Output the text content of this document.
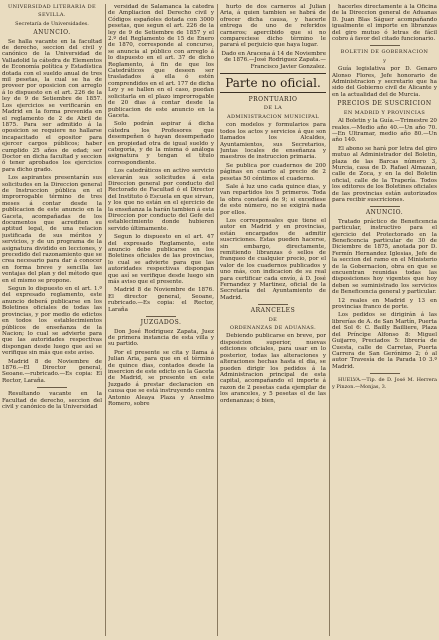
UNIVERSIDAD LITERARIA DE

SEVILLA.

Secretaría de Universidades.

ANUNCIO.

Se halla vacante en la facultad de derecho, seccion del civil y canónico de la Universidad de Valladolid la cátedra de Elementos de Economía política y Estadística dotada con el sueldo anual de tres mil pesetas, la cual se ha de proveer por oposicion con arreglo á lo dispuesto en el art. 226 de la ley de 9 de Setiembre de 1857. Los ejercicios se verificarán en Madrid en la forma prevenida en el reglamento de 2 de Abril de 1875. Para ser admitido á la oposicion se requiere no hallarse incapacitado el opositor para ejercer cargos públicos; haber cumplido 25 años de edad; ser Doctor en dicha facultad y seccion ó tener aprobados los ejercicios para dicho grado.

Los aspirantes presentarán sus solicitudes en la Direccion general de Instruccion pública en el improrrogable término de tres meses á contar desde la publicacion de este anuncio en la Gaceta, acompañadas de los documentos que acrediten su aptitud legal, de una relacion justificada de sus méritos y servicios, y de un programa de la asignatura dividido en lecciones, y precedido del razonamiento que se crea necesario para dar á conocer en forma breve y sencilla las ventajas del plan y del método que en el mismo se propone.

Segun lo dispuesto en el art. 1.º del expresado reglamento, este anuncio deberá publicarse en los Boletines oficiales de todas las provincias, y por medio de edictos en todos los establecimientos públicos de enseñanza de la Nacion; lo cual se advierte para que las autoridades respectivas dispongan desde luego que así se verifique sin más que este aviso.

Madrid 8 de Noviembre de 1876.—El Director general, Seoane.—rubricado.—Es copia: El Rector, Laraña.

Resultando vacante en la Facultad de derecho, seccion del civil y canónico de la Universidad

versidad de Salamanca la cátedra de Ampliacion del Derecho civil y Códigos españoles dotada con 3000 pesetas, que segun el art. 226 de la ley de 9 de Setiembre de 1857 y el 2.º del Reglamento de 15 de Enero de 1870, corresponde al concurso, se anuncia al público con arreglo á lo dispuesto en el art. 37 de dicho Reglamento, á fin de que los Catedráticos que deseen ser trasladados á ella ó estén comprendidos en el art. 177 de dicha Ley y se hallen en el caso, puedan solicitarla en el plazo improrrogable de 20 dias á contar desde la publicacion de este anuncio en la Gaceta.

Solo podrán aspirar á dicha cátedra los Profesores que desempeñen ó hayan desempeñado en propiedad otra de igual sueldo y categoría, y de la misma ó análoga asignatura y tengan el título correspondiente.

Los catedráticos en activo servicio elevarán sus solicitudes á esta Direccion general por conducto del Rectorado de Facultad ó el Director del Instituto ó Escuela en que sirvan, y los que no están en el ejercicio de la enseñanza la harán tambien á esta Direccion por conducto del Gefe del establecimiento donde hubieren servido últimamente.

Segun lo dispuesto en el art. 47 del expresado Reglamento, este anuncio debe publicarse en los Boletines oficiales de las provincias, lo cual se advierte para que las autoridades respectivas dispongan que así se verifique desde luego sin más aviso que el presente.

Madrid 8 de Noviembre de 1876. El director general, Seoane, rubricado.—Es copia: el Rector, Laraña

JUZGADOS.

Don José Rodriguez Zapata, Juez de primera instancia de esta villa y su partido.

Por el presente se cita y llama á Julian Aria, para que en el término de quince dias, contados desde la insercion de este edicto en la Gaceta de Madrid, se presente en este Juzgado á prestar declaracion en causa que se está instruyendo contra Antonio Aleaya Plaza y Anselmo Romero, sobre

hurto de dos carneros al Julian Aria, á quien tambien se habrá de ofrecer dicha causa, y hacerle entrega de uno de referidos carneros; apercibido que si no compareciese dicho término le parará el perjuicio que haya lugar.

Dado en Aracena á 14 de Noviembre de 1876.—José Rodriguez Zapata.—Francisco Javier Gonzalez.

Parte no oficial.

PRONTUARIO

DE LA

ADMINISTRACION MUNICIPAL

con modelos y formularios para todos los actos y servicios á que son llamados los Alcaldes, Ayuntamientos, sus Secretarios, Juntas locales de enseñanza y maestros de instruccion primaria.

Se publica por cuadernos de 200 páginas en cuarto al precio de 2 pesetas 50 céntimos el cuaderno.

Sale á luz uno cada quince dias, y van repartidos los 5 primeros. Toda la obra constará de 9; si excediese de este número, no se exigirá nada por ellos.

Los corresponsales que tiene el autor en Madrid y en provincias, están encargados de admitir suscriciones. Estas pueden hacerse, sin embargo, directamente, remitiendo libranzas ó sellos de franqueo de cualquier precio, por el valor de los cuadernos publicados y uno más, con indicacion de su real para certificar cada envío, á D. José Fernandez y Martinez, oficial de la Secretaría del Ayuntamiento de Madrid.

ARANCELES

DE

ORDENANZAS DE ADUANAS.

Debiendo publicarse en breve, por disposicion superior, nuevas ediciones oficiales, para usar en lo posterior, todas las alteraciones y alteraciones hechas hasta el dia, se pueden dirigir los pedidos á la Administracion principal de esta capital, acompañando el importe á razon de 2 pesetas cada ejemplar de los aranceles, y 5 pesetas el de las ordenanzas; ó bien,

hacerles directamente á la Oficina de la Direccion general de Aduanas D. Juan Blas Ságuer acompañando igualmente el importe en libranzas del giro mutuo ó letras de fácil cobro á favor del citado funcionario.

BOLETIN DE GOBERNACION

y

Guía legislativa por D. Genaro Alonso Flores, Jefe honorario de Administracion y secretario que ha sido del Gobierno civil de Alicante y en la actualidad del de Murcia.

PRECIOS DE SUSCRICION

EN MADRID Y PROVINCIAS

Al Boletin y la Guía.—Trimestre 20 reales.—Medio año 40.—Un año 70.—En Ultramar, medio año 80.—Un año 140.

El abono se hará por letra del giro mutuo al Administrador del Boletin, plaza de las Barcas número 3, Murcia, casa de D. Rafael Almazan, calle de Zoca, y en la del Boletin oficial, calle de la Trapería. Todos los editores de los Boletines oficiales de las provincias están autorizados para recibir suscriciones.

ANUNCIO.

Tratado práctico de Beneficencia particular, instructivo para el ejercicio del Protectorado en la Beneficencia particular de 30 de Diciembre de 1875, anotada por D. Fermín Hernandez Iglesias, Jefe de la seccion del ramo en el Ministerio de la Gobernacion, obra en que se encuentran reunidas todas las disposiciones hoy vigentes que hoy deben se suministrado los servicios de Beneficencia general y particular.

12 reales en Madrid y 13 en provincias franco de porte.

Los pedidos se dirigirán á las librerías de A. de San Martín, Puerta del Sol 6: C. Bailly Bailliere, Plaza del Príncipe Alfonso 8: Miguel Guijarro, Preciados 5: librería de Cuesta, calle de Carretas, Puerta Carrera de San Gerónimo 2; ó al autor Travesía de la Parada 10 3.º Madrid.

HUELVA.—Tip. de D. José M. Herrera y Pinzon.—Monjas, 3.
